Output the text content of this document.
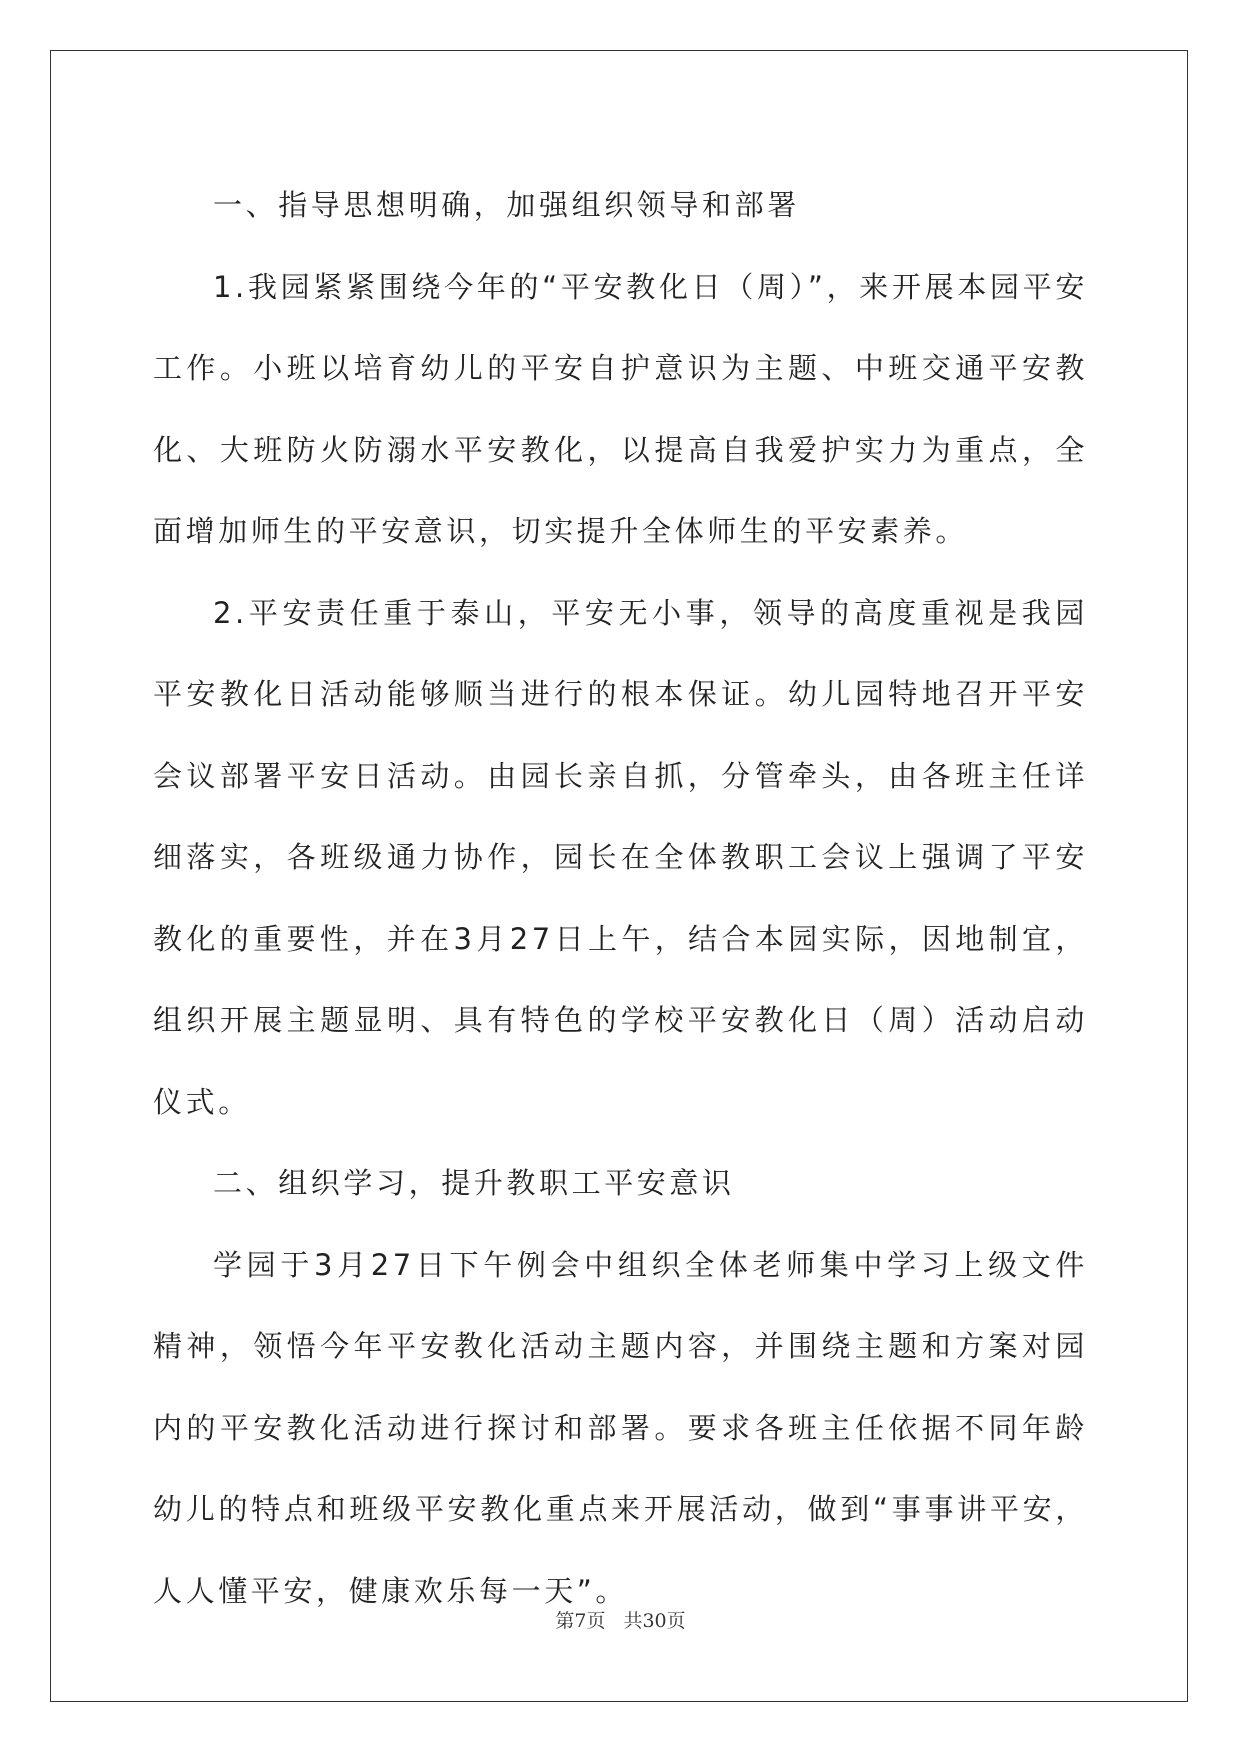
一、指导思想明确，加强组织领导和部署

1.我园紧紧围绕今年的“平安教化日（周）”，来开展本园平安工作。小班以培育幼儿的平安自护意识为主题、中班交通平安教化、大班防火防溺水平安教化，以提高自我爱护实力为重点，全面增加师生的平安意识，切实提升全体师生的平安素养。

2.平安责任重于泰山，平安无小事，领导的高度重视是我园平安教化日活动能够顺当进行的根本保证。幼儿园特地召开平安会议部署平安日活动。由园长亲自抓，分管牵头，由各班主任详细落实，各班级通力协作，园长在全体教职工会议上强调了平安教化的重要性，并在3月27日上午，结合本园实际，因地制宜，组织开展主题显明、具有特色的学校平安教化日（周）活动启动仪式。

二、组织学习，提升教职工平安意识

学园于3月27日下午例会中组织全体老师集中学习上级文件精神，领悟今年平安教化活动主题内容，并围绕主题和方案对园内的平安教化活动进行探讨和部署。要求各班主任依据不同年龄幼儿的特点和班级平安教化重点来开展活动，做到“事事讲平安，人人懂平安，健康欢乐每一天”。

第7页 共30页
